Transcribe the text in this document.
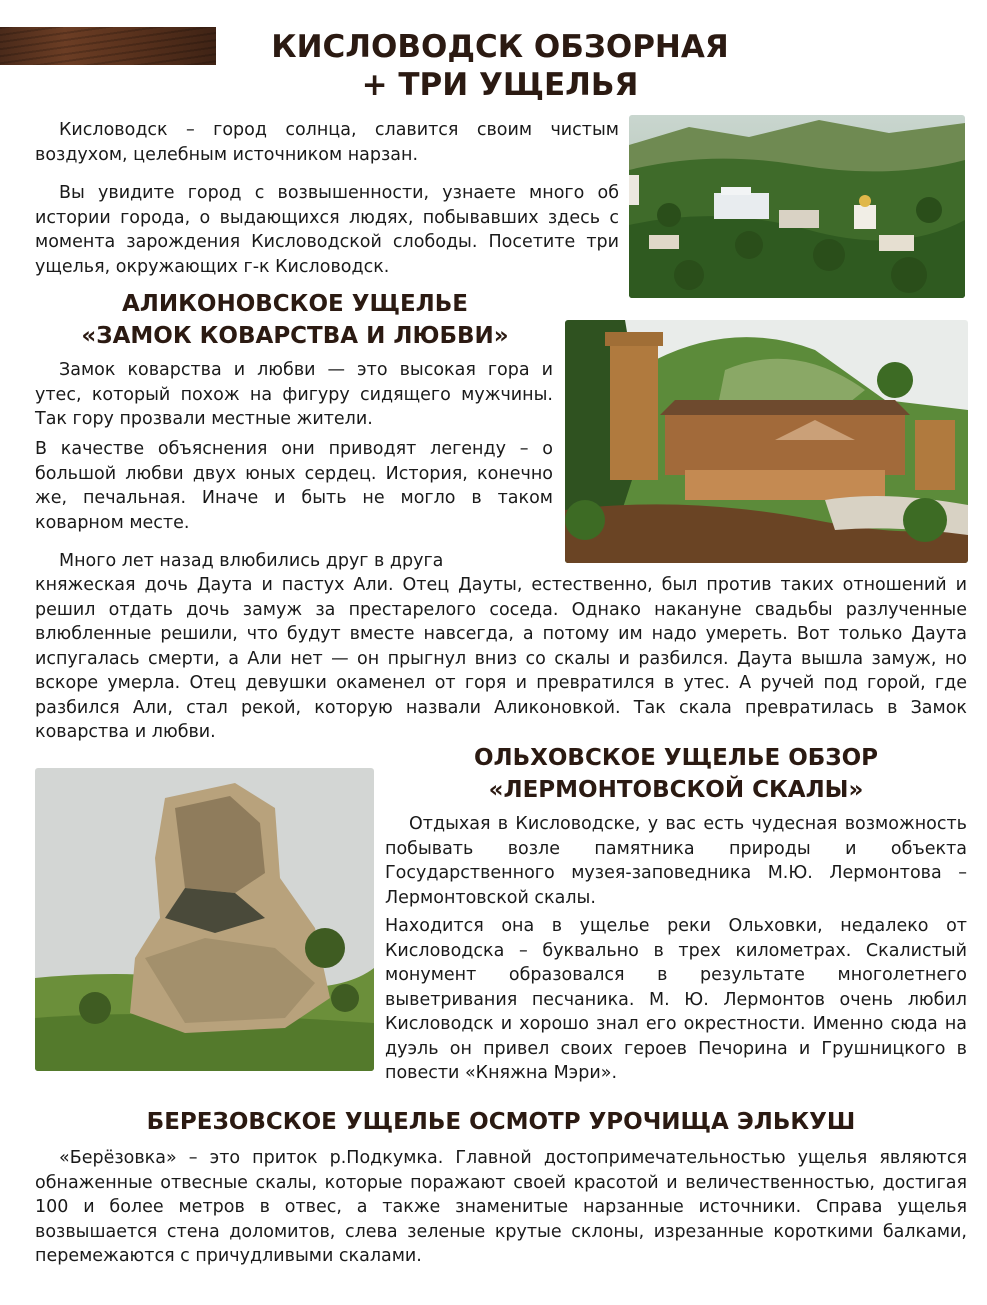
КИСЛОВОДСК ОБЗОРНАЯ
+ ТРИ УЩЕЛЬЯ

Кисловодск – город солнца, славится своим чистым воздухом, целебным источником нарзан.

Вы увидите город с возвышенности, узнаете много об истории города, о выдающихся людях, побывавших здесь с момента зарождения Кисловодской слободы. Посетите три ущелья, окружающих г-к Кисловодск.

АЛИКОНОВСКОЕ УЩЕЛЬЕ
«ЗАМОК КОВАРСТВА И ЛЮБВИ»

Замок коварства и любви — это высокая гора и утес, который похож на фигуру сидящего мужчины. Так гору прозвали местные жители.

В качестве объяснения они приводят легенду – о большой любви двух юных сердец. История, конечно же, печальная. Иначе и быть не могло в таком коварном месте.

Много лет назад влюбились друг в друга

княжеская дочь Даута и пастух Али. Отец Дауты, естественно, был против таких отношений и решил отдать дочь замуж за престарелого соседа. Однако накануне свадьбы разлученные влюбленные решили, что будут вместе навсегда, а потому им надо умереть. Вот только Даута испугалась смерти, а Али нет — он прыгнул вниз со скалы и разбился. Даута вышла замуж, но вскоре умерла. Отец девушки окаменел от горя и превратился в утес. А ручей под горой, где разбился Али, стал рекой, которую назвали Аликоновкой. Так скала превратилась в Замок коварства и любви.

ОЛЬХОВСКОЕ УЩЕЛЬЕ ОБЗОР
«ЛЕРМОНТОВСКОЙ СКАЛЫ»

Отдыхая в Кисловодске, у вас есть чудесная возможность побывать возле памятника природы и объекта Государственного музея-заповедника М.Ю. Лермонтова – Лермонтовской скалы.

Находится она в ущелье реки Ольховки, недалеко от Кисловодска – буквально в трех километрах. Скалистый монумент образовался в результате многолетнего выветривания песчаника. М. Ю. Лермонтов очень любил Кисловодск и хорошо знал его окрестности. Именно сюда на дуэль он привел своих героев Печорина и Грушницкого в повести «Княжна Мэри».

БЕРЕЗОВСКОЕ УЩЕЛЬЕ ОСМОТР УРОЧИЩА ЭЛЬКУШ

«Берёзовка» – это приток р.Подкумка. Главной достопримечательностью ущелья являются обнаженные отвесные скалы, которые поражают своей красотой и величественностью, достигая 100 и более метров в отвес, а также знаменитые нарзанные источники. Справа ущелья возвышается стена доломитов, слева зеленые крутые склоны, изрезанные короткими балками, перемежаются с причудливыми скалами.
